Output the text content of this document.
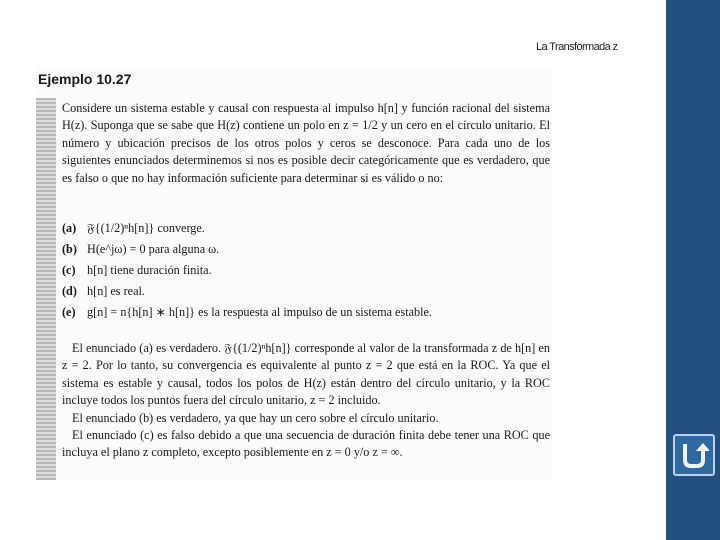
La Transformada z
Ejemplo 10.27

Considere un sistema estable y causal con respuesta al impulso h[n] y función racional del sistema H(z). Suponga que se sabe que H(z) contiene un polo en z = 1/2 y un cero en el círculo unitario. El número y ubicación precisos de los otros polos y ceros se desconoce. Para cada uno de los siguientes enunciados determinemos si nos es posible decir categóricamente que es verdadero, que es falso o que no hay información suficiente para determinar si es válido o no:

(a) 𝔉{(1/2)ⁿh[n]} converge.
(b) H(e^jω) = 0 para alguna ω.
(c) h[n] tiene duración finita.
(d) h[n] es real.
(e) g[n] = n{h[n] ∗ h[n]} es la respuesta al impulso de un sistema estable.

El enunciado (a) es verdadero. 𝔉{(1/2)ⁿh[n]} corresponde al valor de la transformada z de h[n] en z = 2. Por lo tanto, su convergencia es equivalente al punto z = 2 que está en la ROC. Ya que el sistema es estable y causal, todos los polos de H(z) están dentro del círculo unitario, y la ROC incluye todos los puntos fuera del círculo unitario, z = 2 incluido.

El enunciado (b) es verdadero, ya que hay un cero sobre el círculo unitario.

El enunciado (c) es falso debido a que una secuencia de duración finita debe tener una ROC que incluya el plano z completo, excepto posiblemente en z = 0 y/o z = ∞.
